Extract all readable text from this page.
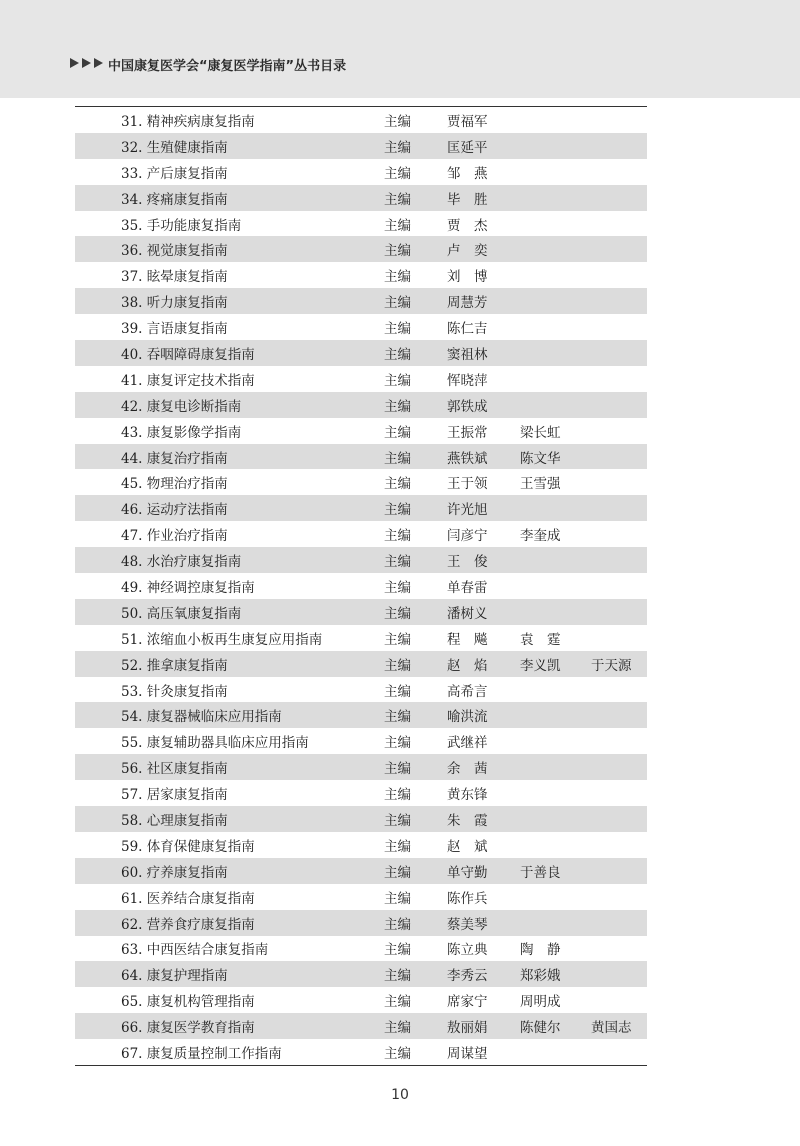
中国康复医学会“康复医学指南”丛书目录
31. 精神疾病康复指南	主编	贾福军
32. 生殖健康指南	主编	匡延平
33. 产后康复指南	主编	邹　燕
34. 疼痛康复指南	主编	毕　胜
35. 手功能康复指南	主编	贾　杰
36. 视觉康复指南	主编	卢　奕
37. 眩晕康复指南	主编	刘　博
38. 听力康复指南	主编	周慧芳
39. 言语康复指南	主编	陈仁吉
40. 吞咽障碍康复指南	主编	窦祖林
41. 康复评定技术指南	主编	恽晓萍
42. 康复电诊断指南	主编	郭铁成
43. 康复影像学指南	主编	王振常 梁长虹
44. 康复治疗指南	主编	燕铁斌 陈文华
45. 物理治疗指南	主编	王于领 王雪强
46. 运动疗法指南	主编	许光旭
47. 作业治疗指南	主编	闫彦宁 李奎成
48. 水治疗康复指南	主编	王　俊
49. 神经调控康复指南	主编	单春雷
50. 高压氧康复指南	主编	潘树义
51. 浓缩血小板再生康复应用指南	主编	程　飚 袁　霆
52. 推拿康复指南	主编	赵　焰 李义凯 于天源
53. 针灸康复指南	主编	高希言
54. 康复器械临床应用指南	主编	喻洪流
55. 康复辅助器具临床应用指南	主编	武继祥
56. 社区康复指南	主编	余　茜
57. 居家康复指南	主编	黄东锋
58. 心理康复指南	主编	朱　霞
59. 体育保健康复指南	主编	赵　斌
60. 疗养康复指南	主编	单守勤 于善良
61. 医养结合康复指南	主编	陈作兵
62. 营养食疗康复指南	主编	蔡美琴
63. 中西医结合康复指南	主编	陈立典 陶　静
64. 康复护理指南	主编	李秀云 郑彩娥
65. 康复机构管理指南	主编	席家宁 周明成
66. 康复医学教育指南	主编	敖丽娟 陈健尔 黄国志
67. 康复质量控制工作指南	主编	周谋望
10
